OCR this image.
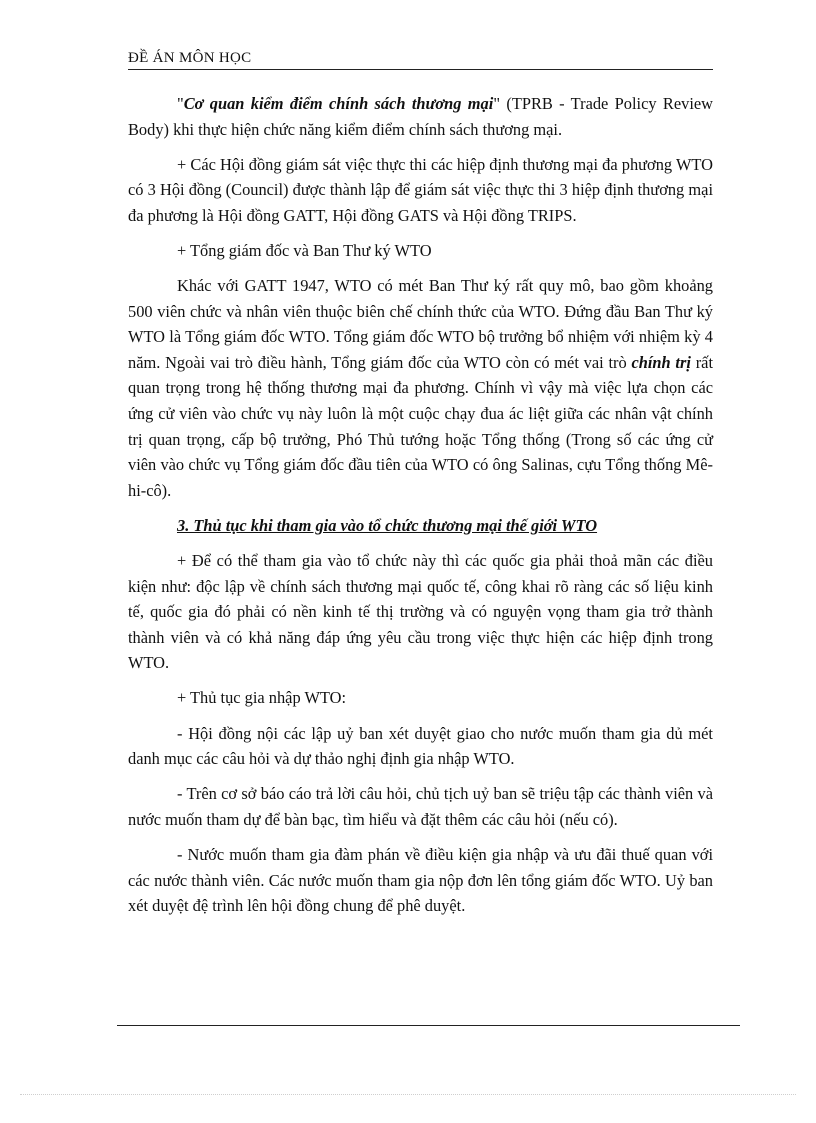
ĐỀ ÁN MÔN HỌC

"Cơ quan kiểm điểm chính sách thương mại" (TPRB - Trade Policy Review Body) khi thực hiện chức năng kiểm điểm chính sách thương mại.

+ Các Hội đồng giám sát việc thực thi các hiệp định thương mại đa phương WTO có 3 Hội đồng (Council) được thành lập để giám sát việc thực thi 3 hiệp định thương mại đa phương là Hội đồng GATT, Hội đồng GATS và Hội đồng TRIPS.

+ Tổng giám đốc và Ban Thư ký WTO

Khác với GATT 1947, WTO có mét Ban Thư ký rất quy mô, bao gồm khoảng 500 viên chức và nhân viên thuộc biên chế chính thức của WTO. Đứng đầu Ban Thư ký WTO là Tổng giám đốc WTO. Tổng giám đốc WTO bộ trưởng bổ nhiệm với nhiệm kỳ 4 năm. Ngoài vai trò điều hành, Tổng giám đốc của WTO còn có mét vai trò chính trị rất quan trọng trong hệ thống thương mại đa phương. Chính vì vậy mà việc lựa chọn các ứng cử viên vào chức vụ này luôn là một cuộc chạy đua ác liệt giữa các nhân vật chính trị quan trọng, cấp bộ trưởng, Phó Thủ tướng hoặc Tổng thống (Trong số các ứng cử viên vào chức vụ Tổng giám đốc đầu tiên của WTO có ông Salinas, cựu Tổng thống Mê-hi-cô).

3. Thủ tục khi tham gia vào tổ chức thương mại thế giới WTO

+ Để có thể tham gia vào tổ chức này thì các quốc gia phải thoả mãn các điều kiện như: độc lập về chính sách thương mại quốc tế, công khai rõ ràng các số liệu kinh tế, quốc gia đó phải có nền kinh tế thị trường và có nguyện vọng tham gia trở thành thành viên và có khả năng đáp ứng yêu cầu trong việc thực hiện các hiệp định trong WTO.

+ Thủ tục gia nhập WTO:

- Hội đồng nội các lập uỷ ban xét duyệt giao cho nước muốn tham gia dủ mét danh mục các câu hỏi và dự thảo nghị định gia nhập WTO.

- Trên cơ sở báo cáo trả lời câu hỏi, chủ tịch uỷ ban sẽ triệu tập các thành viên và nước muốn tham dự để bàn bạc, tìm hiểu và đặt thêm các câu hỏi (nếu có).

- Nước muốn tham gia đàm phán về điều kiện gia nhập và ưu đãi thuế quan với các nước thành viên. Các nước muốn tham gia nộp đơn lên tổng giám đốc WTO. Uỷ ban xét duyệt đệ trình lên hội đồng chung để phê duyệt.
